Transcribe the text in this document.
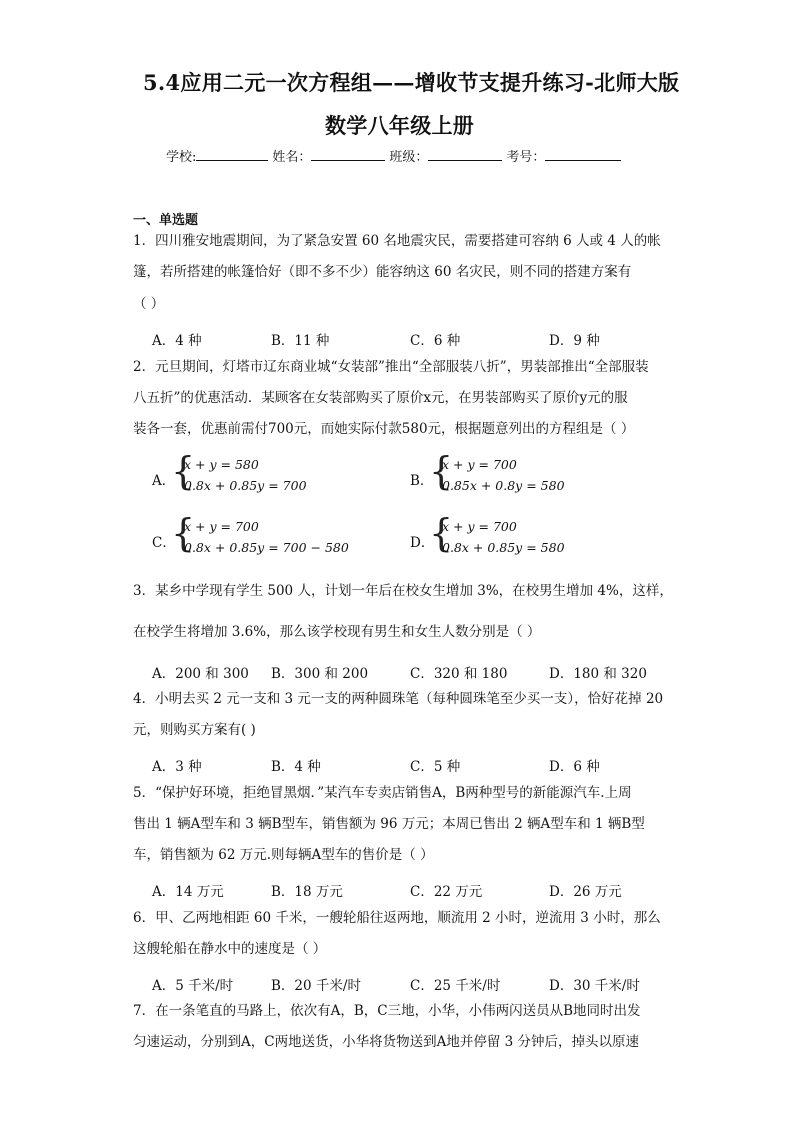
5.4应用二元一次方程组——增收节支提升练习-北师大版
数学八年级上册
学校:	姓名：	班级：	考号：
一、单选题
1．四川雅安地震期间，为了紧急安置 60 名地震灾民，需要搭建可容纳 6 人或 4 人的帐
篷，若所搭建的帐篷恰好（即不多不少）能容纳这 60 名灾民，则不同的搭建方案有
（ ）
A．4 种	B．11 种	C．6 种	D．9 种
2．元旦期间，灯塔市辽东商业城“女装部”推出“全部服装八折”，男装部推出“全部服装
八五折”的优惠活动．某顾客在女装部购买了原价x元，在男装部购买了原价y元的服
装各一套，优惠前需付700元，而她实际付款580元，根据题意列出的方程组是（ ）
A．
{
x + y = 580
0.8x + 0.85y = 700	B．
{
x + y = 700
0.85x + 0.8y = 580
C．
{
x + y = 700
0.8x + 0.85y = 700 − 580	D．
{
x + y = 700
0.8x + 0.85y = 580
3．某乡中学现有学生 500 人，计划一年后在校女生增加 3%，在校男生增加 4%，这样，
在校学生将增加 3.6%，那么该学校现有男生和女生人数分别是（ ）
A．200 和 300 B．300 和 200	C．320 和 180	D．180 和 320
4．小明去买 2 元一支和 3 元一支的两种圆珠笔（每种圆珠笔至少买一支），恰好花掉 20
元，则购买方案有( )
A．3 种	B．4 种	C．5 种	D．6 种
5．“保护好环境，拒绝冒黑烟．”某汽车专卖店销售A，B两种型号的新能源汽车.上周
售出 1 辆A型车和 3 辆B型车，销售额为 96 万元；本周已售出 2 辆A型车和 1 辆B型
车，销售额为 62 万元.则每辆A型车的售价是（ ）
A．14 万元	B．18 万元	C．22 万元	D．26 万元
6．甲、乙两地相距 60 千米，一艘轮船往返两地，顺流用 2 小时，逆流用 3 小时，那么
这艘轮船在静水中的速度是（ ）
A．5 千米/时	B．20 千米/时	C．25 千米/时	D．30 千米/时
7．在一条笔直的马路上，依次有A，B，C三地，小华，小伟两闪送员从B地同时出发
匀速运动，分别到A，C两地送货，小华将货物送到A地并停留 3 分钟后，掉头以原速
